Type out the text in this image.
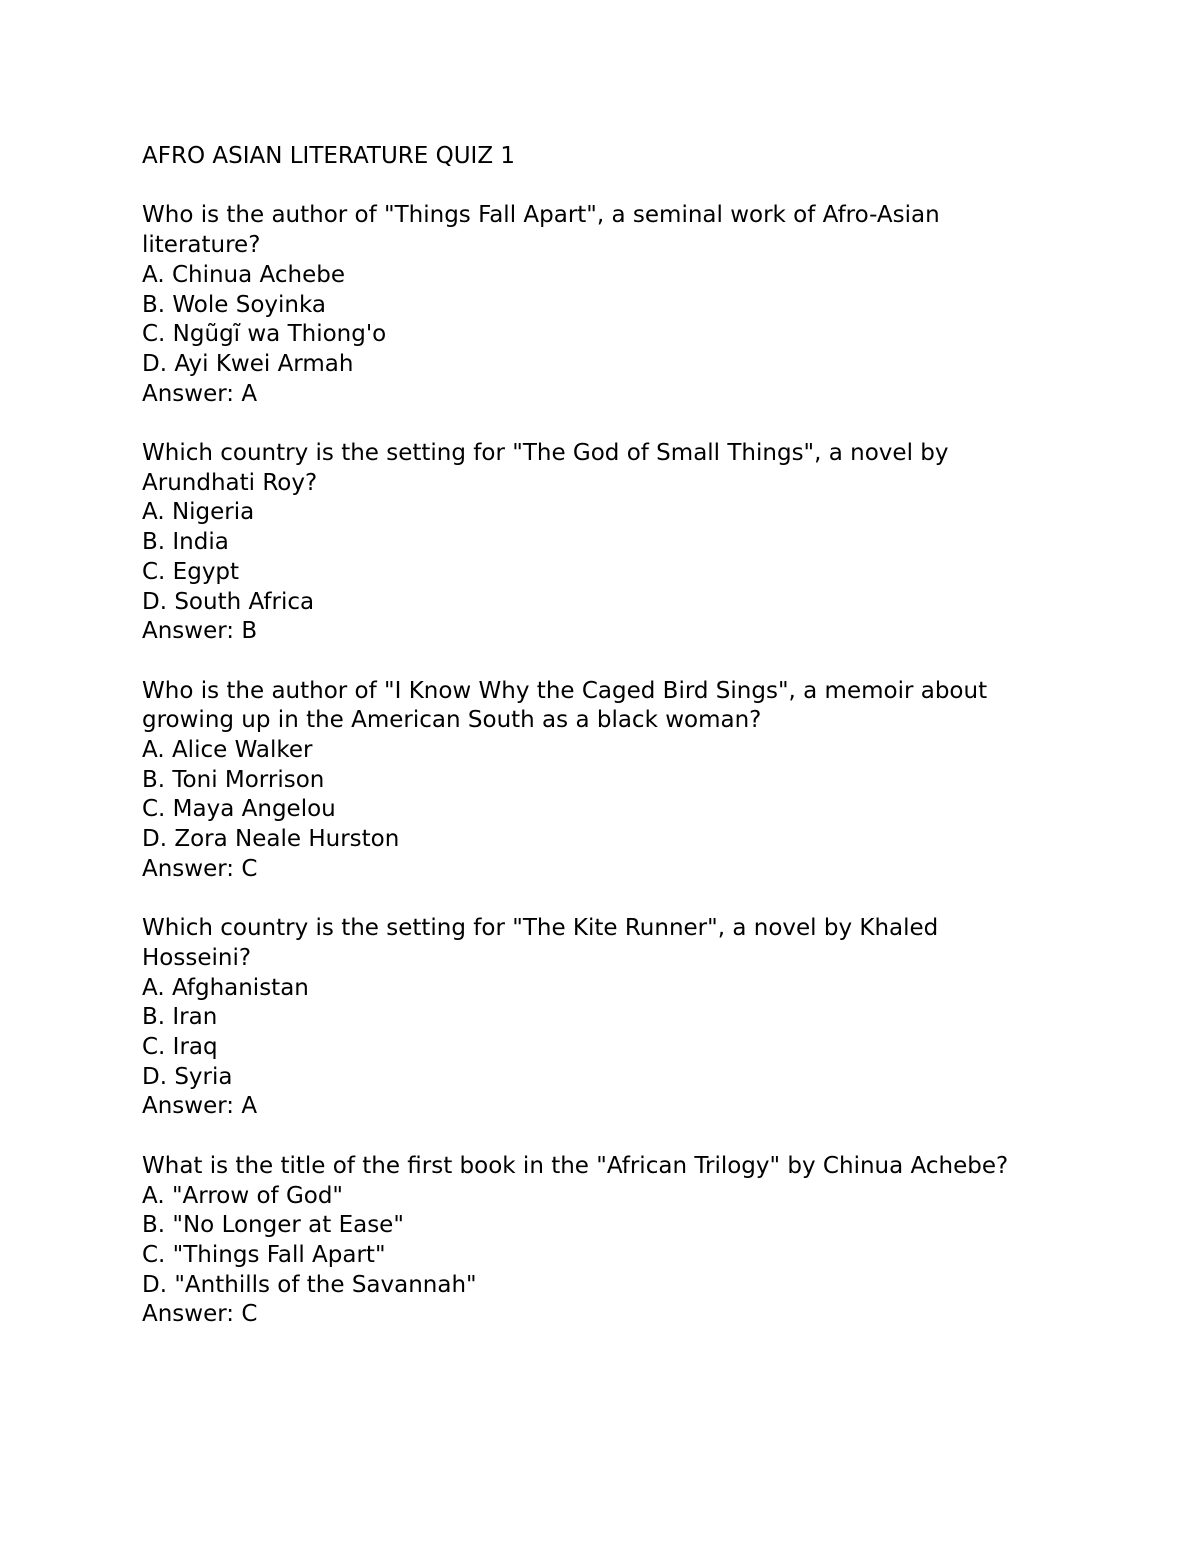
AFRO ASIAN LITERATURE QUIZ 1

Who is the author of "Things Fall Apart", a seminal work of Afro-Asian literature?

A. Chinua Achebe
B. Wole Soyinka
C. Ngũgĩ wa Thiong'o
D. Ayi Kwei Armah

Answer: A

Which country is the setting for "The God of Small Things", a novel by Arundhati Roy?

A. Nigeria
B. India
C. Egypt
D. South Africa

Answer: B

Who is the author of "I Know Why the Caged Bird Sings", a memoir about growing up in the American South as a black woman?

A. Alice Walker
B. Toni Morrison
C. Maya Angelou
D. Zora Neale Hurston

Answer: C

Which country is the setting for "The Kite Runner", a novel by Khaled Hosseini?

A. Afghanistan
B. Iran
C. Iraq
D. Syria

Answer: A

What is the title of the first book in the "African Trilogy" by Chinua Achebe?

A. "Arrow of God"
B. "No Longer at Ease"
C. "Things Fall Apart"
D. "Anthills of the Savannah"

Answer: C
